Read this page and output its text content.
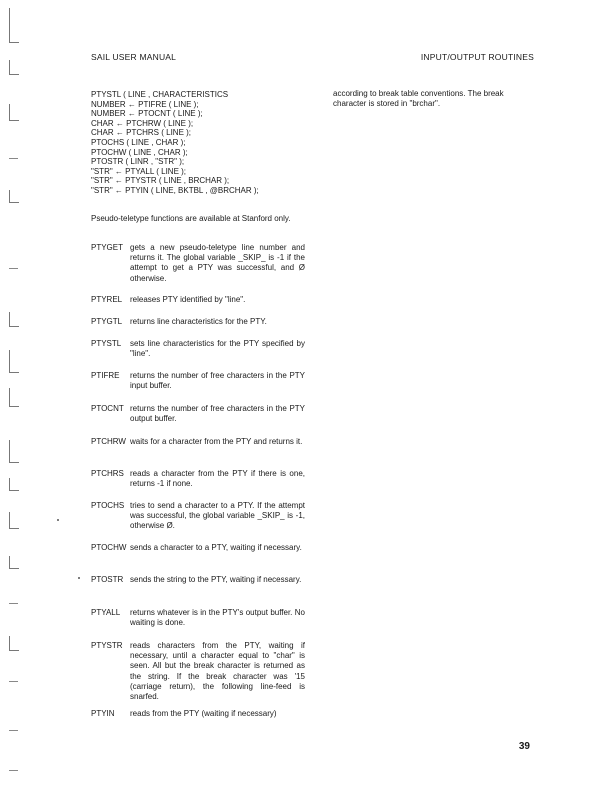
SAIL USER MANUAL	INPUT/OUTPUT ROUTINES
PTYSTL ( LINE , CHARACTERISTICS
NUMBER ← PTIFRE ( LINE );
NUMBER ← PTOCNT ( LINE );
CHAR ← PTCHRW ( LINE );
CHAR ← PTCHRS ( LINE );
PTOCHS ( LINE , CHAR );
PTOCHW ( LINE , CHAR );
PTOSTR ( LINR , "STR" );
"STR" ← PTYALL ( LINE );
"STR" ← PTYSTR ( LINE , BRCHAR );
"STR" ← PTYIN ( LINE, BKTBL , @BRCHAR );
according to break table conventions. The break character is stored in "brchar".
Pseudo-teletype functions are available at Stanford only.
PTYGET gets a new pseudo-teletype line number and returns it. The global variable _SKIP_ is -1 if the attempt to get a PTY was successful, and Ø otherwise.
PTYREL releases PTY identified by "line".
PTYGTL returns line characteristics for the PTY.
PTYSTL	sets line characteristics for the PTY specified by "line".
PTIFRE	returns the number of free characters in the PTY input buffer.
PTOCNT returns the number of free characters in the PTY output buffer.
PTCHRW waits for a character from the PTY and returns it.
PTCHRS reads a character from the PTY if there is one, returns -1 if none.
PTOCHS tries to send a character to a PTY. If the attempt was successful, the global variable _SKIP_ is -1, otherwise Ø.
PTOCHW sends a character to a PTY, waiting if necessary.
PTOSTR sends the string to the PTY, waiting if necessary.
PTYALL	returns whatever is in the PTY's output buffer. No waiting is done.
PTYSTR reads characters from the PTY, waiting if necessary, until a character equal to "char" is seen. All but the break character is returned as the string. If the break character was '15 (carriage return), the following line-feed is snarfed.
PTYIN	reads from the PTY (waiting if necessary)
39
